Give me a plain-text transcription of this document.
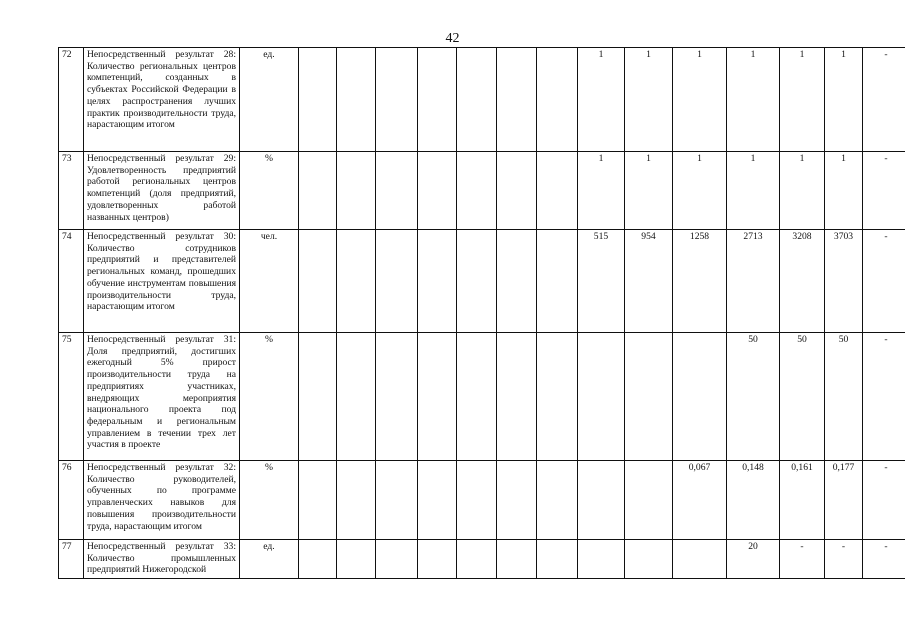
42
72	Непосредственный результат 28: Количество региональных центров компетенций, созданных в субъектах Российской Федерации в целях распространения лучших практик производительности труда, нарастающим итогом	ед.								1	1	1	1	1	1	-
73	Непосредственный результат 29: Удовлетворенность предприятий работой региональных центров компетенций (доля предприятий, удовлетворенных работой названных центров)	%								1	1	1	1	1	1	-
74	Непосредственный результат 30: Количество сотрудников предприятий и представителей региональных команд, прошедших обучение инструментам повышения производительности труда, нарастающим итогом	чел.								515	954	1258	2713	3208	3703	-
75	Непосредственный результат 31: Доля предприятий, достигших ежегодный 5% прирост производительности труда на предприятиях участниках, внедряющих мероприятия национального проекта под федеральным и региональным управлением в течении трех лет участия в проекте	%											50	50	50	-
76	Непосредственный результат 32: Количество руководителей, обученных по программе управленческих навыков для повышения производительности труда, нарастающим итогом	%										0,067	0,148	0,161	0,177	-
77	Непосредственный результат 33: Количество промышленных предприятий Нижегородской	ед.											20	-	-	-
